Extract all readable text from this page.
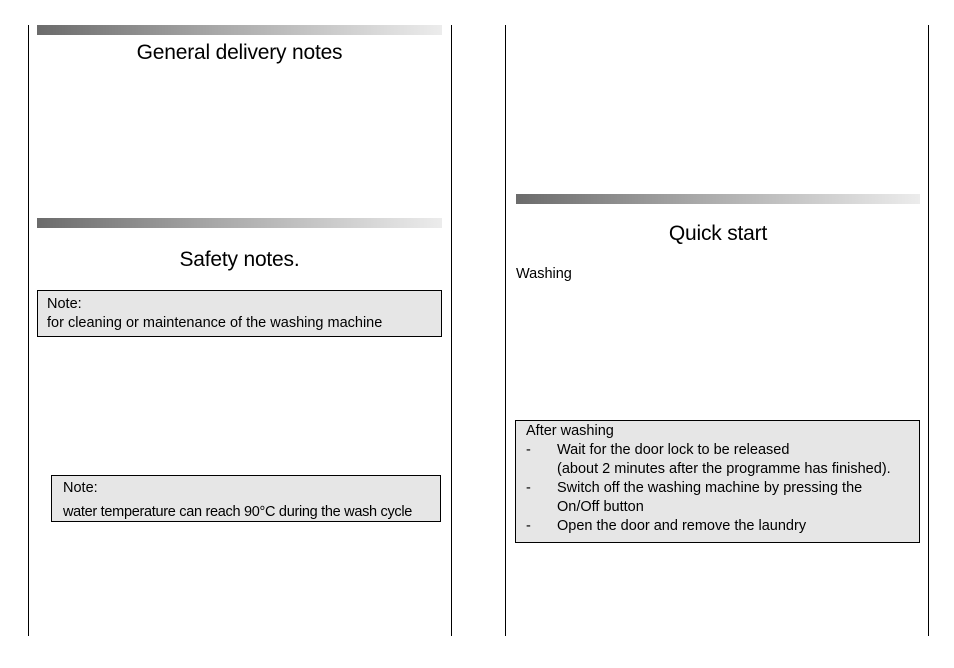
General delivery notes
Safety notes.
Note:
for cleaning or maintenance of the washing machine
Note:
water temperature can reach 90°C during the wash cycle
Quick start
Washing
After washing
-	Wait for the door lock to be released
(about 2 minutes after the programme has finished).
-	Switch off the washing machine by pressing the
On/Off button
-	Open the door and remove the laundry
